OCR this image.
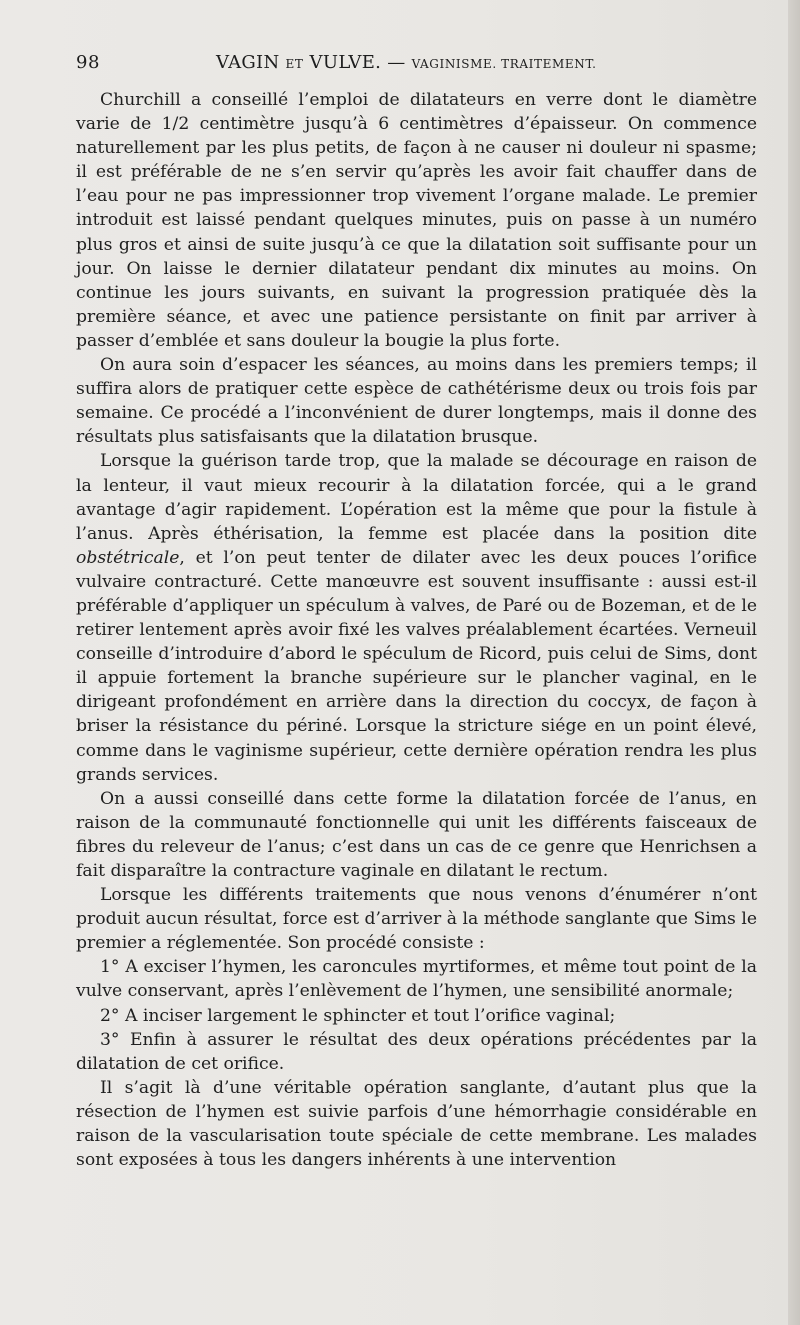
98	VAGIN ET VULVE. — VAGINISME. TRAITEMENT.

Churchill a conseillé l’emploi de dilatateurs en verre dont le diamètre varie de 1/2 centimètre jusqu’à 6 centimètres d’épaisseur. On commence naturellement par les plus petits, de façon à ne causer ni douleur ni spasme; il est préférable de ne s’en servir qu’après les avoir fait chauffer dans de l’eau pour ne pas impressionner trop vivement l’organe malade. Le premier introduit est laissé pendant quelques minutes, puis on passe à un numéro plus gros et ainsi de suite jusqu’à ce que la dilatation soit suffisante pour un jour. On laisse le dernier dilatateur pendant dix minutes au moins. On continue les jours suivants, en suivant la progression pratiquée dès la première séance, et avec une patience persistante on finit par arriver à passer d’emblée et sans douleur la bougie la plus forte.

On aura soin d’espacer les séances, au moins dans les premiers temps; il suffira alors de pratiquer cette espèce de cathétérisme deux ou trois fois par semaine. Ce procédé a l’inconvénient de durer longtemps, mais il donne des résultats plus satisfaisants que la dilatation brusque.

Lorsque la guérison tarde trop, que la malade se décourage en raison de la lenteur, il vaut mieux recourir à la dilatation forcée, qui a le grand avantage d’agir rapidement. L’opération est la même que pour la fistule à l’anus. Après éthérisation, la femme est placée dans la position dite obstétricale, et l’on peut tenter de dilater avec les deux pouces l’orifice vulvaire contracturé. Cette manœuvre est souvent insuffisante : aussi est-il préférable d’appliquer un spéculum à valves, de Paré ou de Bozeman, et de le retirer lentement après avoir fixé les valves préalablement écartées. Verneuil conseille d’introduire d’abord le spéculum de Ricord, puis celui de Sims, dont il appuie fortement la branche supérieure sur le plancher vaginal, en le dirigeant profondément en arrière dans la direction du coccyx, de façon à briser la résistance du périné. Lorsque la stricture siége en un point élevé, comme dans le vaginisme supérieur, cette dernière opération rendra les plus grands services.

On a aussi conseillé dans cette forme la dilatation forcée de l’anus, en raison de la communauté fonctionnelle qui unit les différents faisceaux de fibres du releveur de l’anus; c’est dans un cas de ce genre que Henrichsen a fait disparaître la contracture vaginale en dilatant le rectum.

Lorsque les différents traitements que nous venons d’énumérer n’ont produit aucun résultat, force est d’arriver à la méthode sanglante que Sims le premier a réglementée. Son procédé consiste :

1° A exciser l’hymen, les caroncules myrtiformes, et même tout point de la vulve conservant, après l’enlèvement de l’hymen, une sensibilité anormale;

2° A inciser largement le sphincter et tout l’orifice vaginal;

3° Enfin à assurer le résultat des deux opérations précédentes par la dilatation de cet orifice.

Il s’agit là d’une véritable opération sanglante, d’autant plus que la résection de l’hymen est suivie parfois d’une hémorrhagie considérable en raison de la vascularisation toute spéciale de cette membrane. Les malades sont exposées à tous les dangers inhérents à une intervention
